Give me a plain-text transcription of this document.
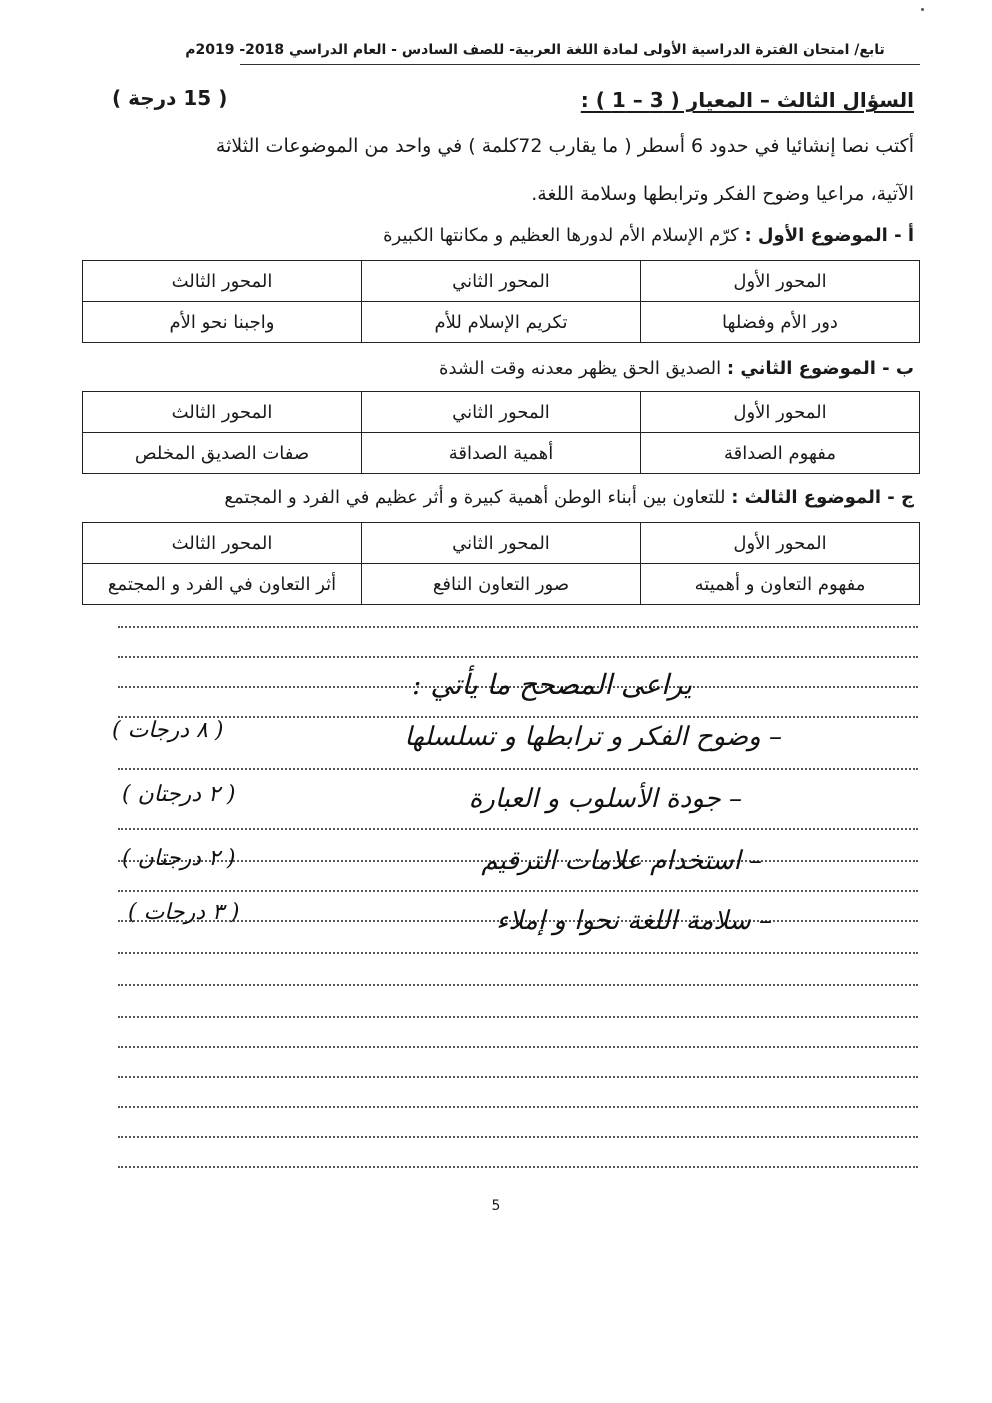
تابع/ امتحان الفترة الدراسية الأولى لمادة اللغة العربية- للصف السادس - العام الدراسي 2018- 2019م
السؤال الثالث – المعيار ( 3 – 1 ) :
( 15 درجة )
أكتب نصا إنشائيا في حدود 6 أسطر ( ما يقارب 72كلمة ) في واحد من الموضوعات الثلاثة
الآتية، مراعيا وضوح الفكر وترابطها وسلامة اللغة.
أ - الموضوع الأول : كرّم الإسلام الأم لدورها العظيم و مكانتها الكبيرة
المحور الأول	المحور الثاني	المحور الثالث
دور الأم وفضلها	تكريم الإسلام للأم	واجبنا نحو الأم
ب - الموضوع الثاني : الصديق الحق يظهر معدنه وقت الشدة
المحور الأول	المحور الثاني	المحور الثالث
مفهوم الصداقة	أهمية الصداقة	صفات الصديق المخلص
ج - الموضوع الثالث : للتعاون بين أبناء الوطن أهمية كبيرة و أثر عظيم في الفرد و المجتمع
المحور الأول	المحور الثاني	المحور الثالث
مفهوم التعاون و أهميته	صور التعاون النافع	أثر التعاون في الفرد و المجتمع
يراعى المصحح ما يأتي :
– وضوح الفكر و ترابطها و تسلسلها
( ٨ درجات )
– جودة الأسلوب و العبارة
( ٢ درجتان )
– استخدام علامات الترقيم
( ٢ درجتان )
– سلامة اللغة نحوا و إملاء
( ٣ درجات )
5
